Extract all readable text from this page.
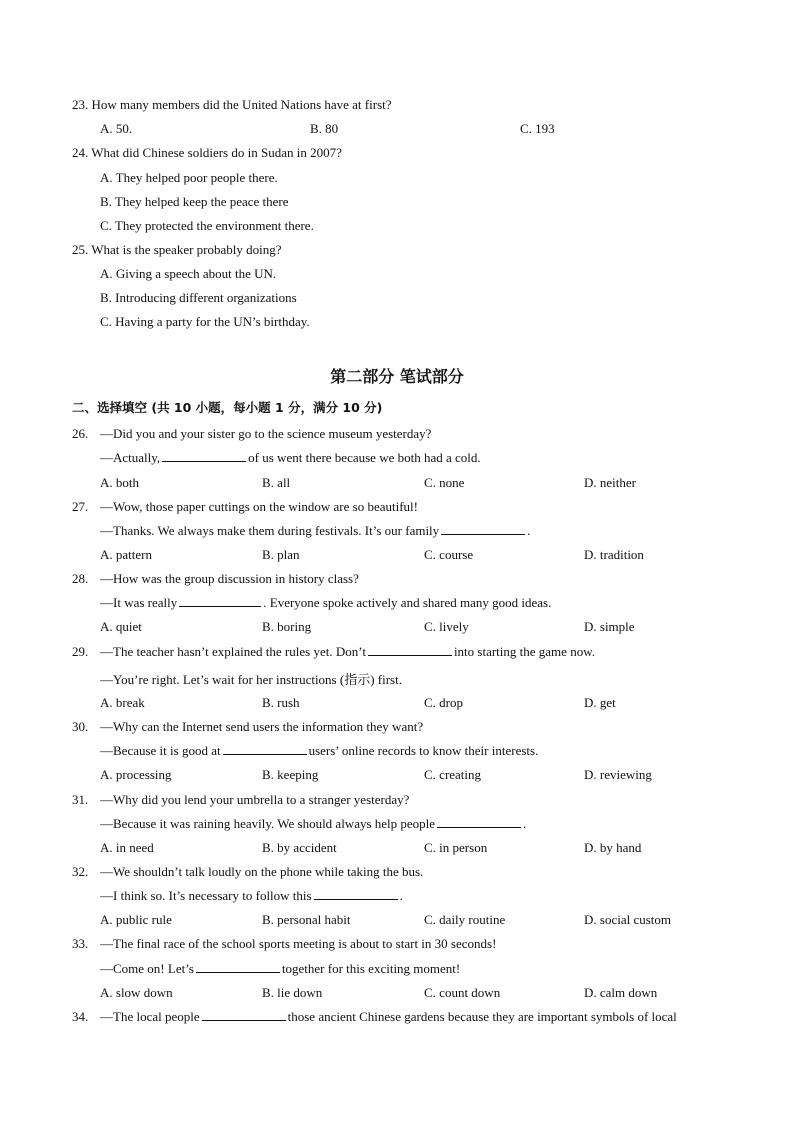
23. How many members did the United Nations have at first?
A. 50.	B. 80	C. 193
24. What did Chinese soldiers do in Sudan in 2007?
A. They helped poor people there.
B. They helped keep the peace there
C. They protected the environment there.
25. What is the speaker probably doing?
A. Giving a speech about the UN.
B. Introducing different organizations
C. Having a party for the UN’s birthday.
第二部分 笔试部分
二、选择填空 (共 10 小题，每小题 1 分，满分 10 分)
26. —Did you and your sister go to the science museum yesterday?
—Actually,	of us went there because we both had a cold.
A. both	B. all	C. none	D. neither
27. —Wow, those paper cuttings on the window are so beautiful!
—Thanks. We always make them during festivals. It’s our family	.
A. pattern	B. plan	C. course	D. tradition
28. —How was the group discussion in history class?
—It was really	. Everyone spoke actively and shared many good ideas.
A. quiet	B. boring	C. lively	D. simple
29. —The teacher hasn’t explained the rules yet. Don’t	into starting the game now.
—You’re right. Let’s wait for her instructions (指示) first.
A. break	B. rush	C. drop	D. get
30. —Why can the Internet send users the information they want?
—Because it is good at	users’ online records to know their interests.
A. processing	B. keeping	C. creating	D. reviewing
31. —Why did you lend your umbrella to a stranger yesterday?
—Because it was raining heavily. We should always help people	.
A. in need	B. by accident	C. in person	D. by hand
32. —We shouldn’t talk loudly on the phone while taking the bus.
—I think so. It’s necessary to follow this	.
A. public rule	B. personal habit	C. daily routine	D. social custom
33. —The final race of the school sports meeting is about to start in 30 seconds!
—Come on! Let’s	together for this exciting moment!
A. slow down	B. lie down	C. count down	D. calm down
34. —The local people	those ancient Chinese gardens because they are important symbols of local
